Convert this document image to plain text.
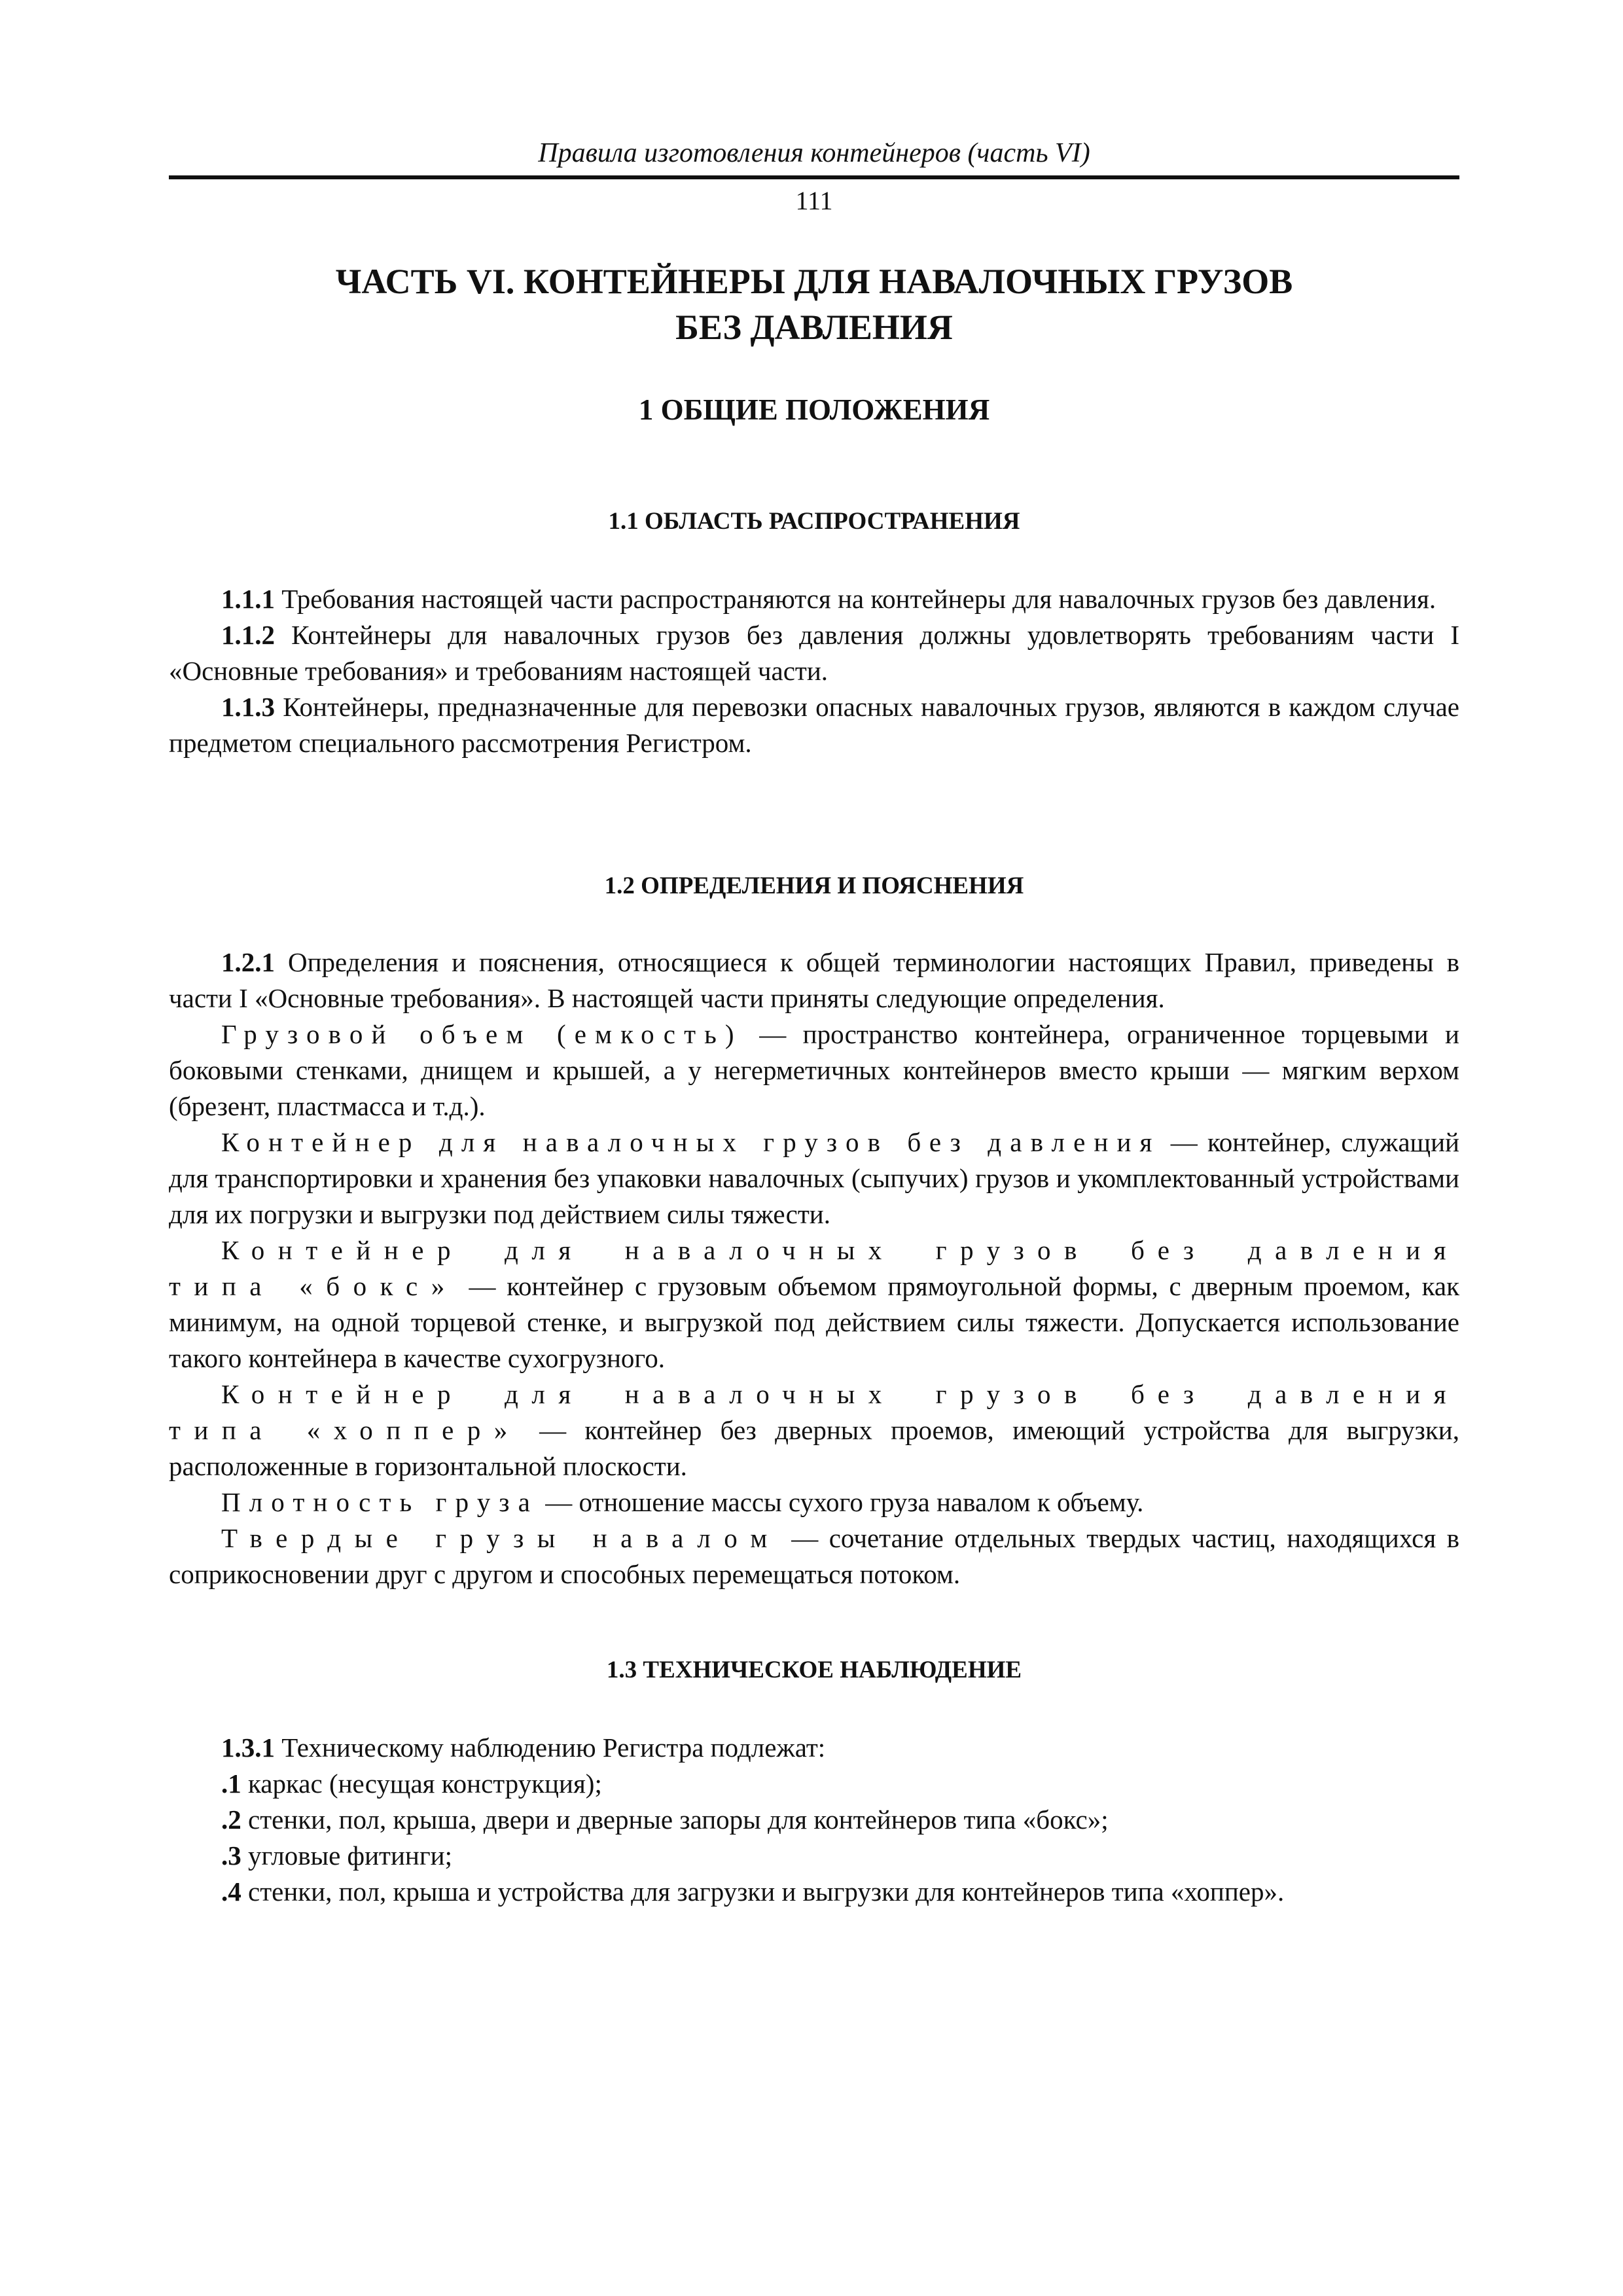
Правила изготовления контейнеров (часть VI)
111
ЧАСТЬ VI. КОНТЕЙНЕРЫ ДЛЯ НАВАЛОЧНЫХ ГРУЗОВ
БЕЗ ДАВЛЕНИЯ
1 ОБЩИЕ ПОЛОЖЕНИЯ
1.1 ОБЛАСТЬ РАСПРОСТРАНЕНИЯ

1.1.1 Требования настоящей части распространяются на контейнеры для навалочных грузов без давления.

1.1.2 Контейнеры для навалочных грузов без давления должны удовлетворять требованиям части I «Основные требования» и требованиям настоящей части.

1.1.3 Контейнеры, предназначенные для перевозки опасных навалочных грузов, являются в каждом случае предметом специального рассмотрения Регистром.

1.2 ОПРЕДЕЛЕНИЯ И ПОЯСНЕНИЯ

1.2.1 Определения и пояснения, относящиеся к общей терминологии настоящих Правил, приведены в части I «Основные требования». В настоящей части приняты следующие определения.

Грузовой объем (емкость) — пространство контейнера, ограниченное торцевыми и боковыми стенками, днищем и крышей, а у негерметичных контейнеров вместо крыши — мягким верхом (брезент, пластмасса и т.д.).

Контейнер для навалочных грузов без давления — контейнер, служащий для транспортировки и хранения без упаковки навалочных (сыпучих) грузов и укомплектованный устройствами для их погрузки и выгрузки под действием силы тяжести.

Контейнер для навалочных грузов без давления типа «бокс» — контейнер с грузовым объемом прямоугольной формы, с дверным проемом, как минимум, на одной торцевой стенке, и выгрузкой под действием силы тяжести. Допускается использование такого контейнера в качестве сухогрузного.

Контейнер для навалочных грузов без давления типа «хоппер» — контейнер без дверных проемов, имеющий устройства для выгрузки, расположенные в горизонтальной плоскости.

Плотность груза — отношение массы сухого груза навалом к объему.

Твердые грузы навалом — сочетание отдельных твердых частиц, находящихся в соприкосновении друг с другом и способных перемещаться потоком.

1.3 ТЕХНИЧЕСКОЕ НАБЛЮДЕНИЕ

1.3.1 Техническому наблюдению Регистра подлежат:

.1 каркас (несущая конструкция);

.2 стенки, пол, крыша, двери и дверные запоры для контейнеров типа «бокс»;

.3 угловые фитинги;

.4 стенки, пол, крыша и устройства для загрузки и выгрузки для контейнеров типа «хоппер».
